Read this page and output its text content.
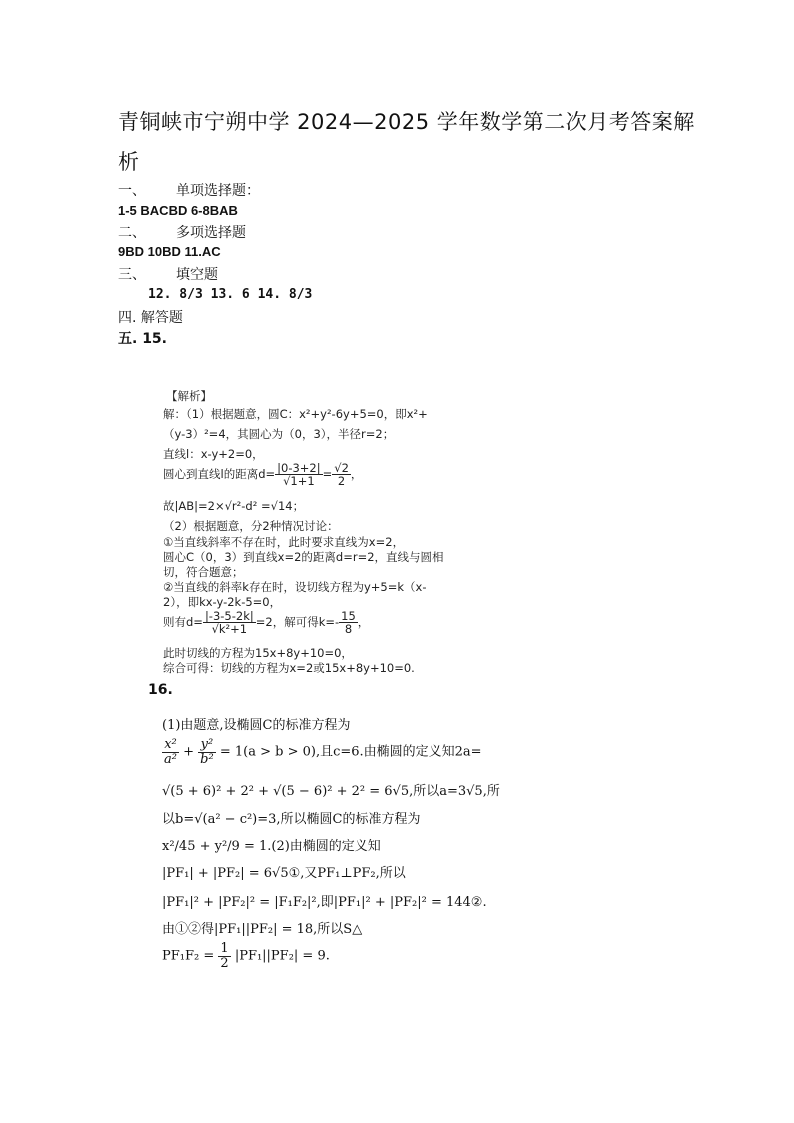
青铜峡市宁朔中学 2024—2025 学年数学第二次月考答案解
析
一、 单项选择题：
1-5 BACBD 6-8BAB
二、 多项选择题
9BD 10BD 11.AC
三、 填空题
12. 8/3 13. 6 14. 8/3
四. 解答题
五. 15.
【解析】
解：（1）根据题意，圆C：x²+y²-6y+5=0，即x²+
（y-3）²=4，其圆心为（0，3），半径r=2；
直线l：x-y+2=0，
圆心到直线l的距离$d= \frac{|0-3+2|}{√1+1} = \frac{√2}{2}$ ，
故|AB|=2×√r²-d² =√14；
（2）根据题意，分2种情况讨论：
①当直线斜率不存在时，此时要求直线为x=2，
圆心C（0，3）到直线x=2的距离d=r=2，直线与圆相
切，符合题意；
②当直线的斜率k存在时，设切线方程为y+5=k（x-
2），即kx-y-2k-5=0，
则有$d= \frac{|-3-5-2k|}{\text{√k²+1}} =2$，解可得$k=- \frac{15}{8}$ ，
此时切线的方程为15x+8y+10=0，
综合可得：切线的方程为x=2或15x+8y+10=0.
16.
(1)由题意,设椭圆C的标准方程为
$\frac{\text{x²}}{\text{a²}} + \frac{\text{y²}}{\text{b²}} = 1(a > b > 0)$,且c=6.由椭圆的定义知2a=
√(5 + 6)² + 2² + √(5 − 6)² + 2² = 6√5,所以a=3√5,所
以b=√(a² − c²)=3,所以椭圆C的标准方程为
x²/45 + y²/9 = 1.(2)由椭圆的定义知
|PF₁| + |PF₂| = 6√5①,又PF₁⊥PF₂,所以
|PF₁|² + |PF₂|² = |F₁F₂|²,即|PF₁|² + |PF₂|² = 144②.
由①②得|PF₁||PF₂| = 18,所以S△
$PF_1F_2 = \frac{1}{2} |PF_1||PF_2| = 9$.
